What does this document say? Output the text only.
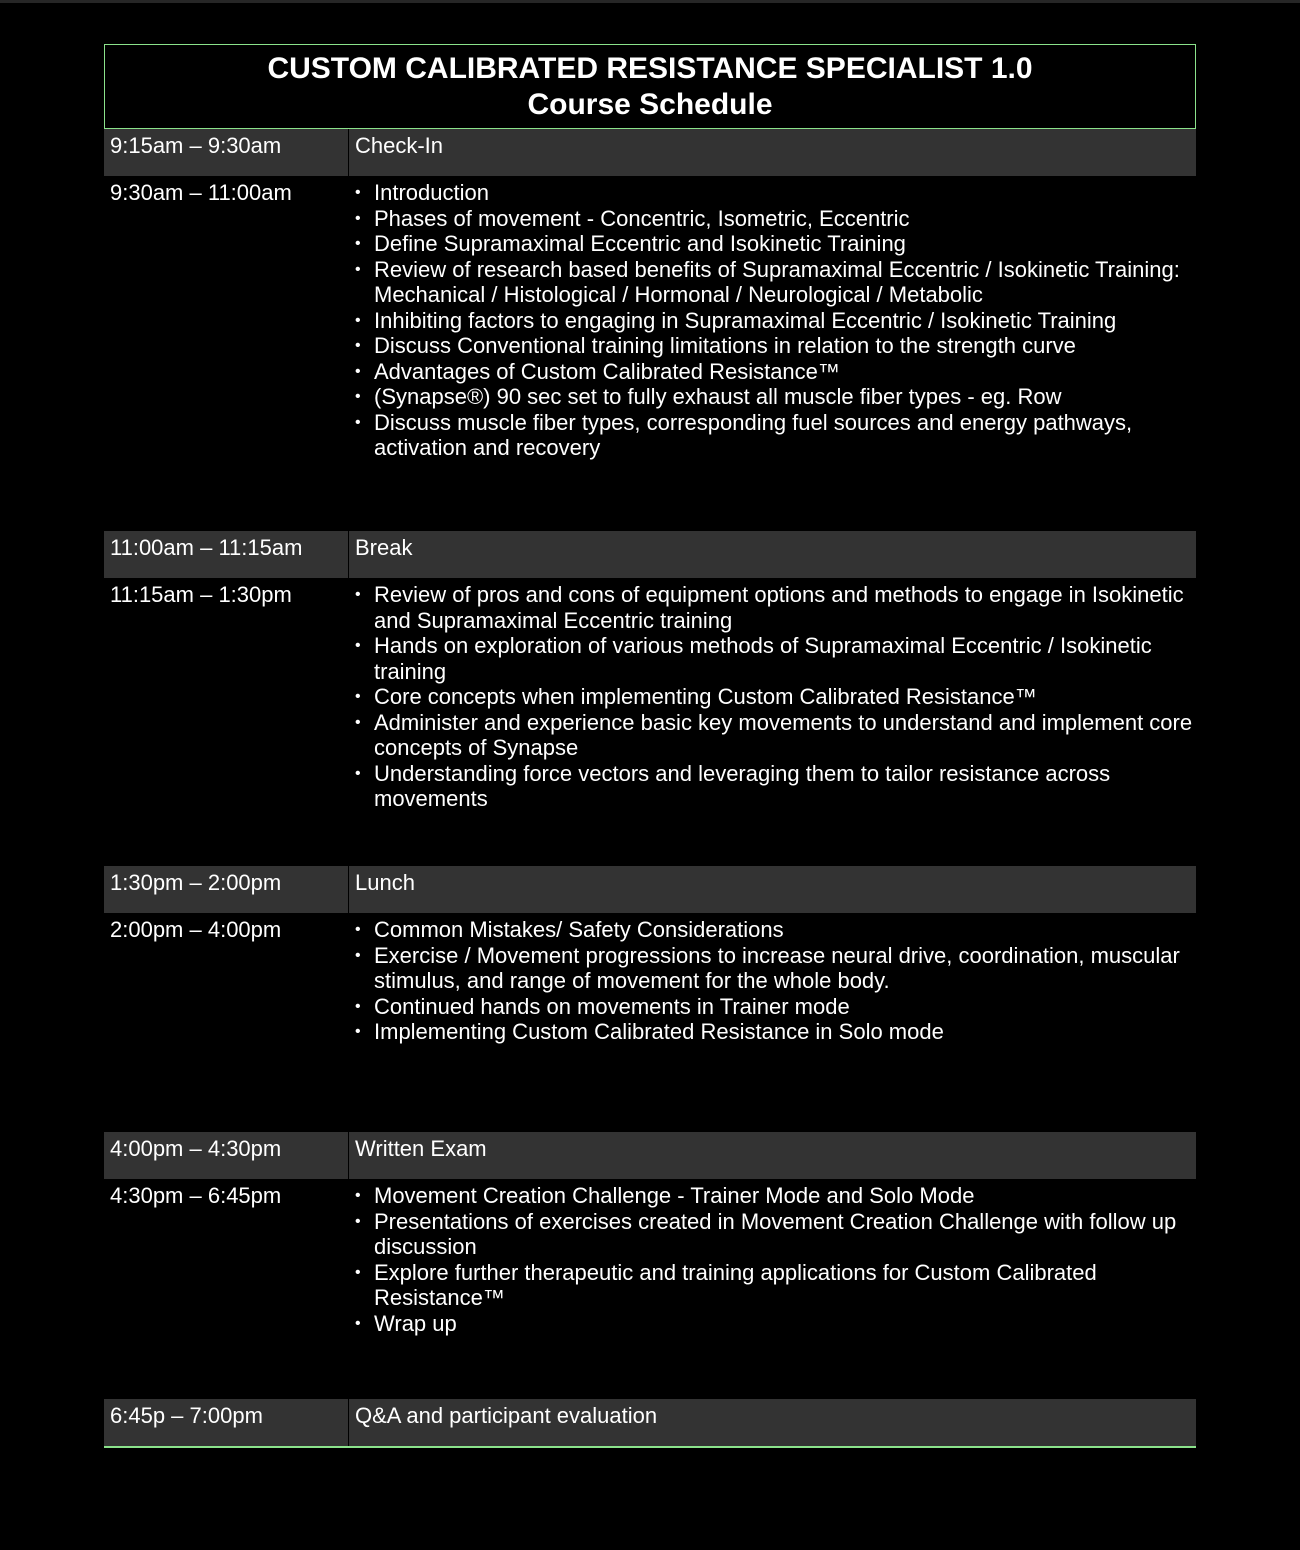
CUSTOM CALIBRATED RESISTANCE SPECIALIST 1.0
Course Schedule
9:15am – 9:30am	Check-In
9:30am – 11:00am	• Introduction
• Phases of movement - Concentric, Isometric, Eccentric
• Define Supramaximal Eccentric and Isokinetic Training
• Review of research based benefits of Supramaximal Eccentric / Isokinetic Training: Mechanical / Histological / Hormonal / Neurological / Metabolic
• Inhibiting factors to engaging in Supramaximal Eccentric / Isokinetic Training
• Discuss Conventional training limitations in relation to the strength curve
• Advantages of Custom Calibrated Resistance™
• (Synapse®) 90 sec set to fully exhaust all muscle fiber types - eg. Row
• Discuss muscle fiber types, corresponding fuel sources and energy pathways, activation and recovery
11:00am – 11:15am	Break
11:15am – 1:30pm	• Review of pros and cons of equipment options and methods to engage in Isokinetic and Supramaximal Eccentric training
• Hands on exploration of various methods of Supramaximal Eccentric / Isokinetic training
• Core concepts when implementing Custom Calibrated Resistance™
• Administer and experience basic key movements to understand and implement core concepts of Synapse
• Understanding force vectors and leveraging them to tailor resistance across movements
1:30pm – 2:00pm	Lunch
2:00pm – 4:00pm	• Common Mistakes/ Safety Considerations
• Exercise / Movement progressions to increase neural drive, coordination, muscular stimulus, and range of movement for the whole body.
• Continued hands on movements in Trainer mode
• Implementing Custom Calibrated Resistance in Solo mode
4:00pm – 4:30pm	Written Exam
4:30pm – 6:45pm	• Movement Creation Challenge - Trainer Mode and Solo Mode
• Presentations of exercises created in Movement Creation Challenge with follow up discussion
• Explore further therapeutic and training applications for Custom Calibrated Resistance™
• Wrap up
6:45p – 7:00pm	Q&A and participant evaluation
